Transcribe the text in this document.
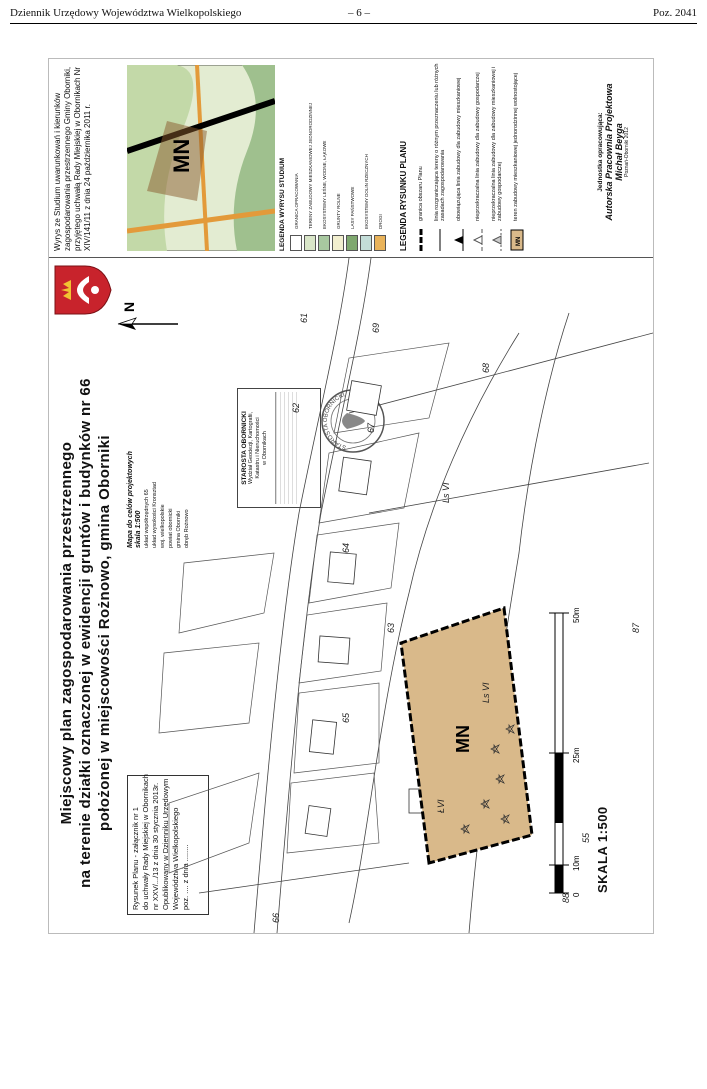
Dziennik Urzędowy Województwa Wielkopolskiego	– 6 –	Poz. 2041
Miejscowy plan zagospodarowania przestrzennego na terenie działki oznaczonej w ewidencji gruntów i budynków nr 66 położonej w miejscowości Rożnowo, gmina Oborniki
Rysunek Planu - załącznik nr 1 do uchwały Rady Miejskiej w Obornikach nr XXV/.../13 z dnia 30 stycznia 2013r. Opublikowany w Dzienniku Urzędowym Województwa Wielkopolskiego poz. .... z dnia ........
Mapa do celów projektowych skala 1:500 układ współrzędnych 65 układ wysokości Kronsztad woj. wielkopolskie powiat obornicki gmina Oborniki obręb Rożnowo
N
STAROSTA OBORNICKI Wydział Geodezji, Kartografii, Katastru i Nieruchomości w Obornikach	STAROSTA OBORNICKI
MN
64
63
62
61
65
67
68
55
88
87
66
69
Ls VI
Ls VI
ŁVI
0
10m
25m
50m
SKALA 1:500
Wyrys ze Studium uwarunkowań i kierunków zagospodarowania przestrzennego Gminy Oborniki, przyjętego uchwałą Rady Miejskiej w Obornikach Nr XIV/141/11 z dnia 24 października 2011 r.	MN
LEGENDA WYRYSU STUDIUM GRANICA OPRACOWANIA TERENY ZABUDOWY MIESZKANIOWEJ JEDNORODZINNEJ EKOSYSTEMY LEŚNE, WODNE, ŁĄKOWE GRUNTY ROLNE LASY PAŃSTWOWE EKOSYSTEMY DOLIN RZECZNYCH DROGI LEGENDA RYSUNKU PLANU granica obszaru Planu linia rozgraniczająca tereny o różnym przeznaczeniu lub różnych zasadach zagospodarowania obowiązująca linia zabudowy dla zabudowy mieszkaniowej nieprzekraczalna linia zabudowy dla zabudowy gospodarczej nieprzekraczalna linia zabudowy dla zabudowy mieszkaniowej i zabudowy gospodarczej
MN
teren zabudowy mieszkaniowej jednorodzinnej wolnostojącej	Jednostka opracowująca: Autorska Pracownia Projektowa Michał Beyga Poznań-Oborniki 2012
